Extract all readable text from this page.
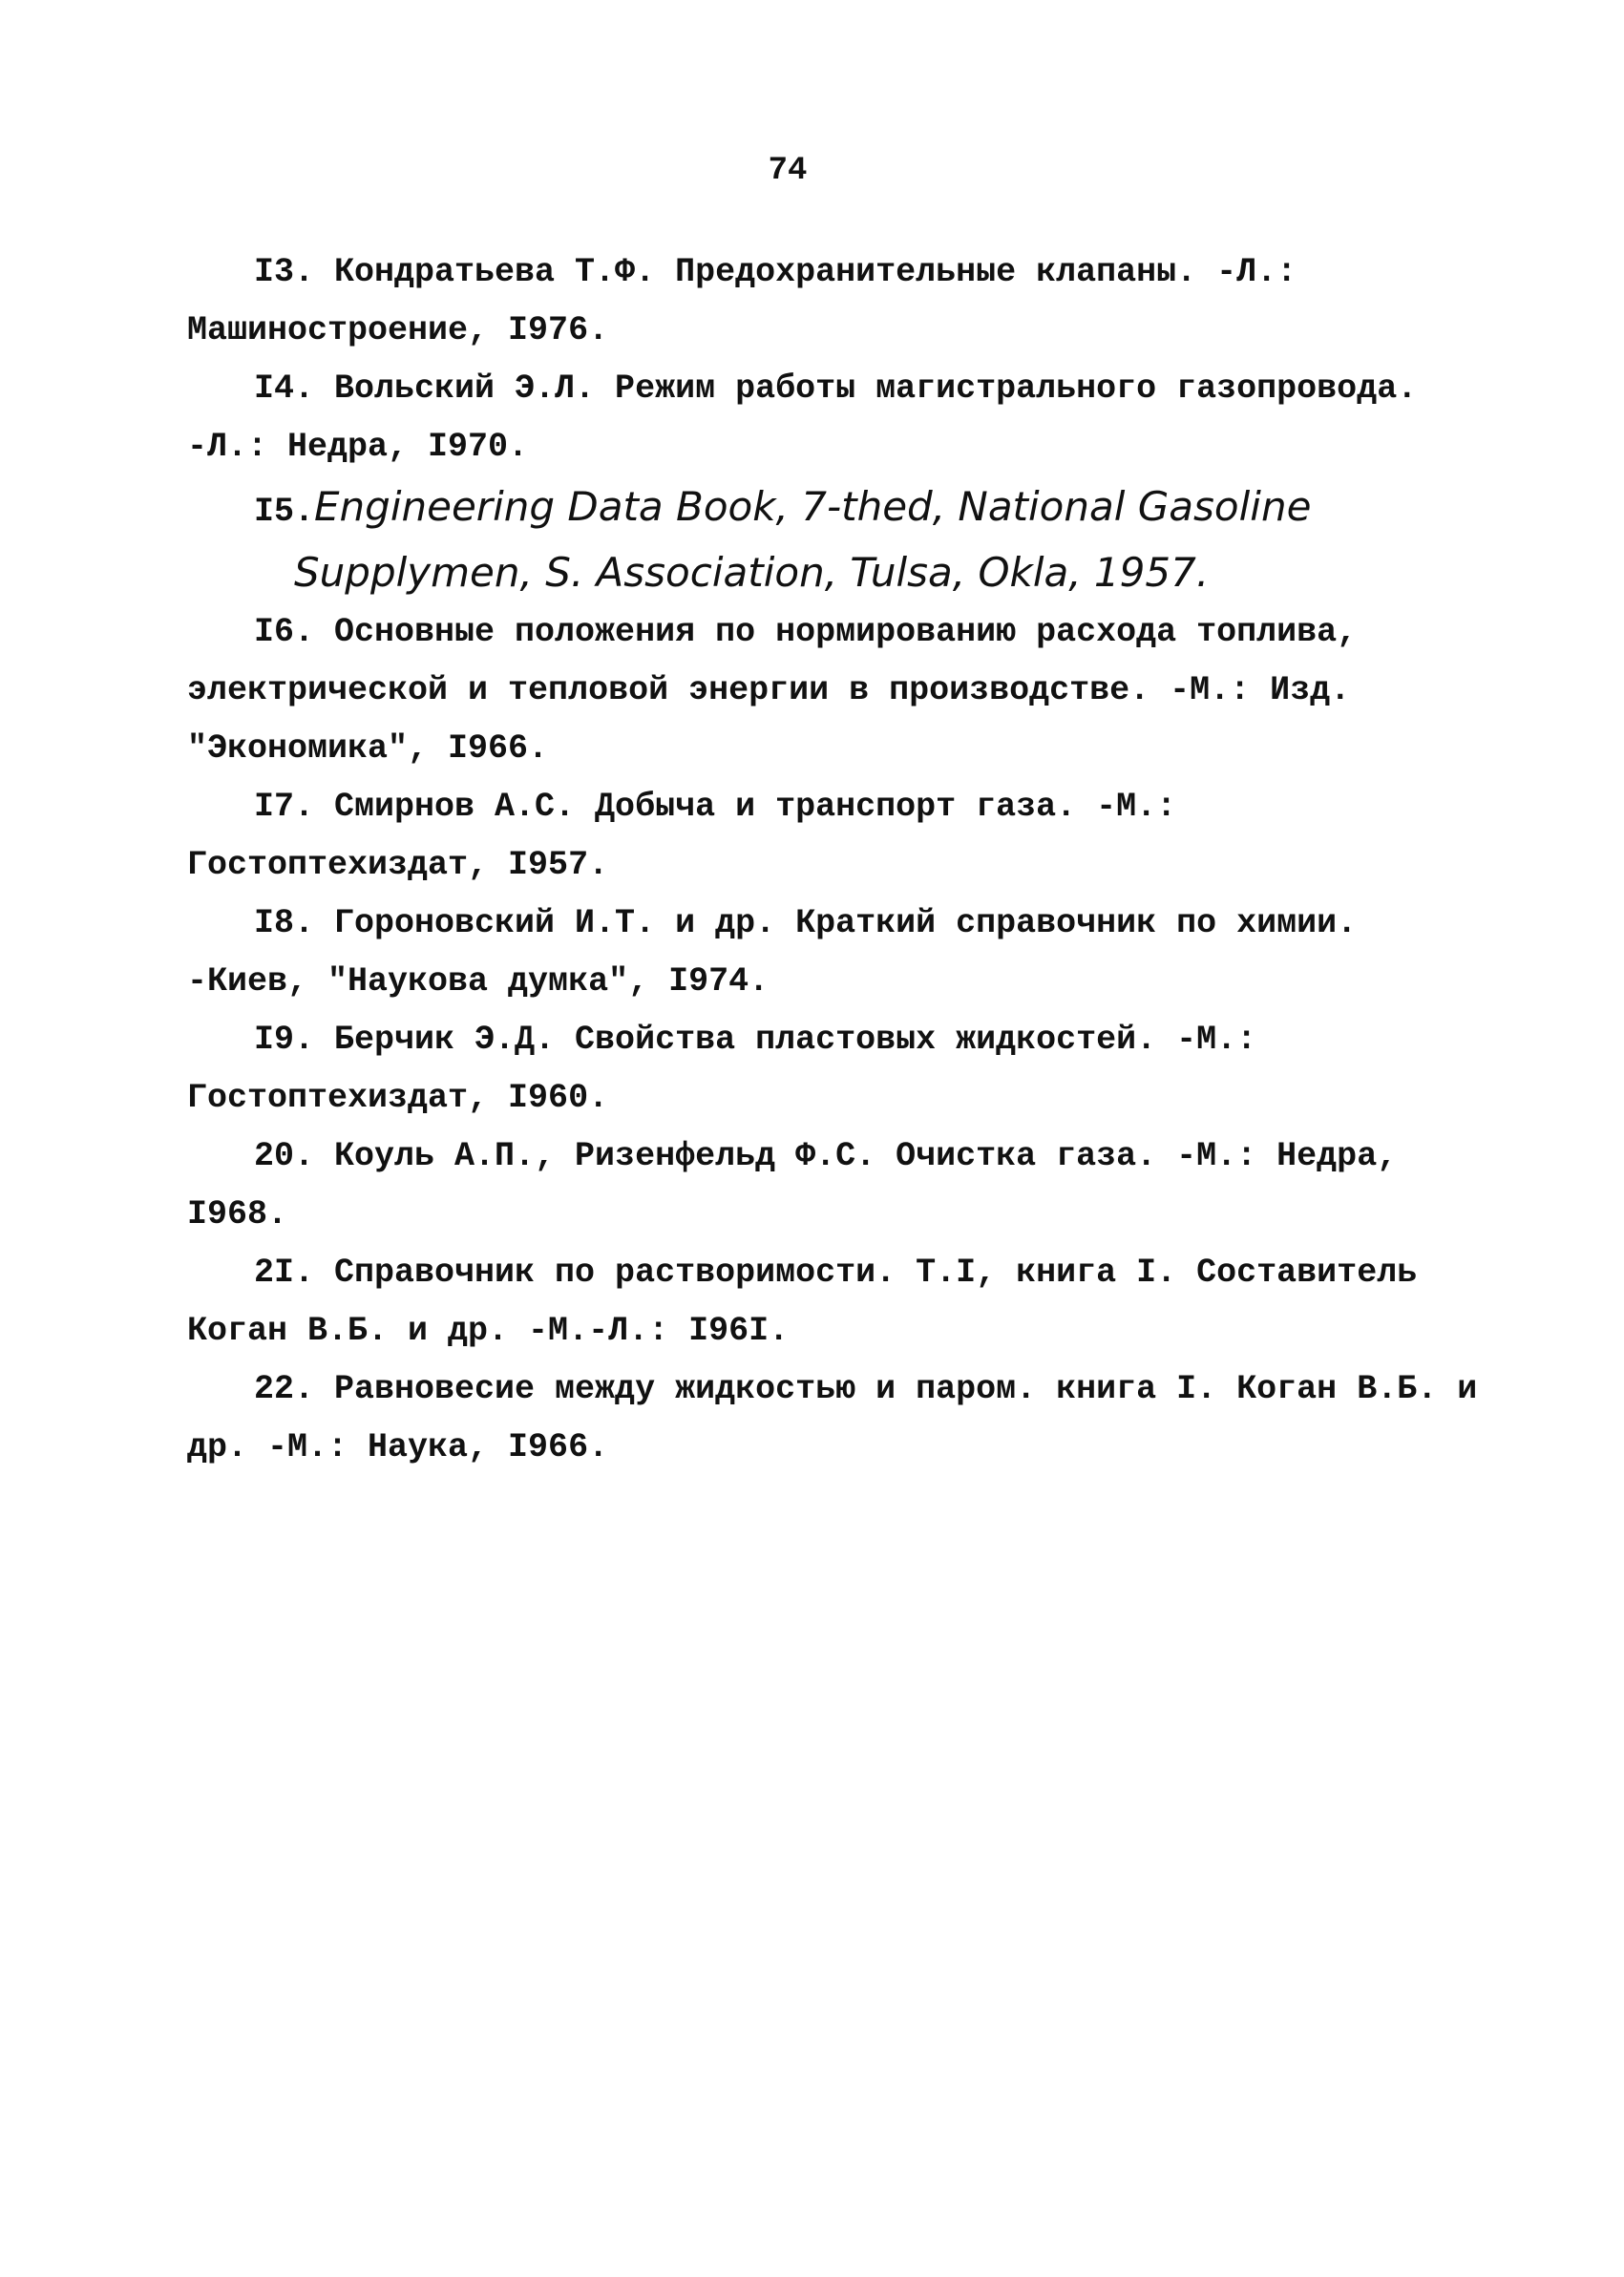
74

I3. Кондратьева Т.Ф. Предохранительные клапаны. -Л.: Машиностроение, I976.

I4. Вольский Э.Л. Режим работы магистрального газопровода. -Л.: Недра, I970.

I5.Engineering Data Book, 7-thed, National Gasoline
Supplymen, S. Association, Tulsa, Okla, 1957.

I6. Основные положения по нормированию расхода топлива, электрической и тепловой энергии в производстве. -М.: Изд. "Экономика", I966.

I7. Смирнов А.С. Добыча и транспорт газа. -М.: Гостоптехиздат, I957.

I8. Гороновский И.Т. и др. Краткий справочник по химии. -Киев, "Наукова думка", I974.

I9. Берчик Э.Д. Свойства пластовых жидкостей. -М.: Гостоптехиздат, I960.

20. Коуль А.П., Ризенфельд Ф.С. Очистка газа. -М.: Недра, I968.

2I. Справочник по растворимости. Т.I, книга I. Составитель Коган В.Б. и др. -М.-Л.: I96I.

22. Равновесие между жидкостью и паром. книга I. Коган В.Б. и др. -М.: Наука, I966.
